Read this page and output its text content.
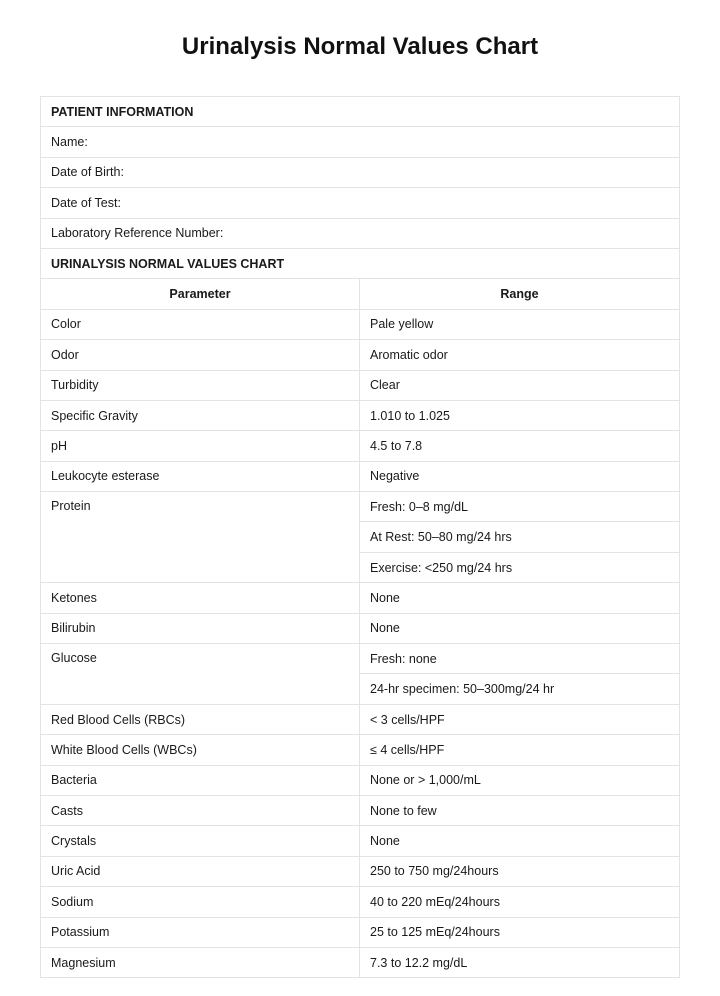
Urinalysis Normal Values Chart
PATIENT INFORMATION	
Name:	
Date of Birth:	
Date of Test:	
Laboratory Reference Number:	
URINALYSIS NORMAL VALUES CHART	
Parameter	Range
Color	Pale yellow
Odor	Aromatic odor
Turbidity	Clear
Specific Gravity	1.010 to 1.025
pH	4.5 to 7.8
Leukocyte esterase	Negative
Protein	Fresh: 0–8 mg/dL
	At Rest: 50–80 mg/24 hrs
	Exercise: <250 mg/24 hrs
Ketones	None
Bilirubin	None
Glucose	Fresh: none
	24-hr specimen: 50–300mg/24 hr
Red Blood Cells (RBCs)	< 3 cells/HPF
White Blood Cells (WBCs)	≤ 4 cells/HPF
Bacteria	None or > 1,000/mL
Casts	None to few
Crystals	None
Uric Acid	250 to 750 mg/24hours
Sodium	40 to 220 mEq/24hours
Potassium	25 to 125 mEq/24hours
Magnesium	7.3 to 12.2 mg/dL
